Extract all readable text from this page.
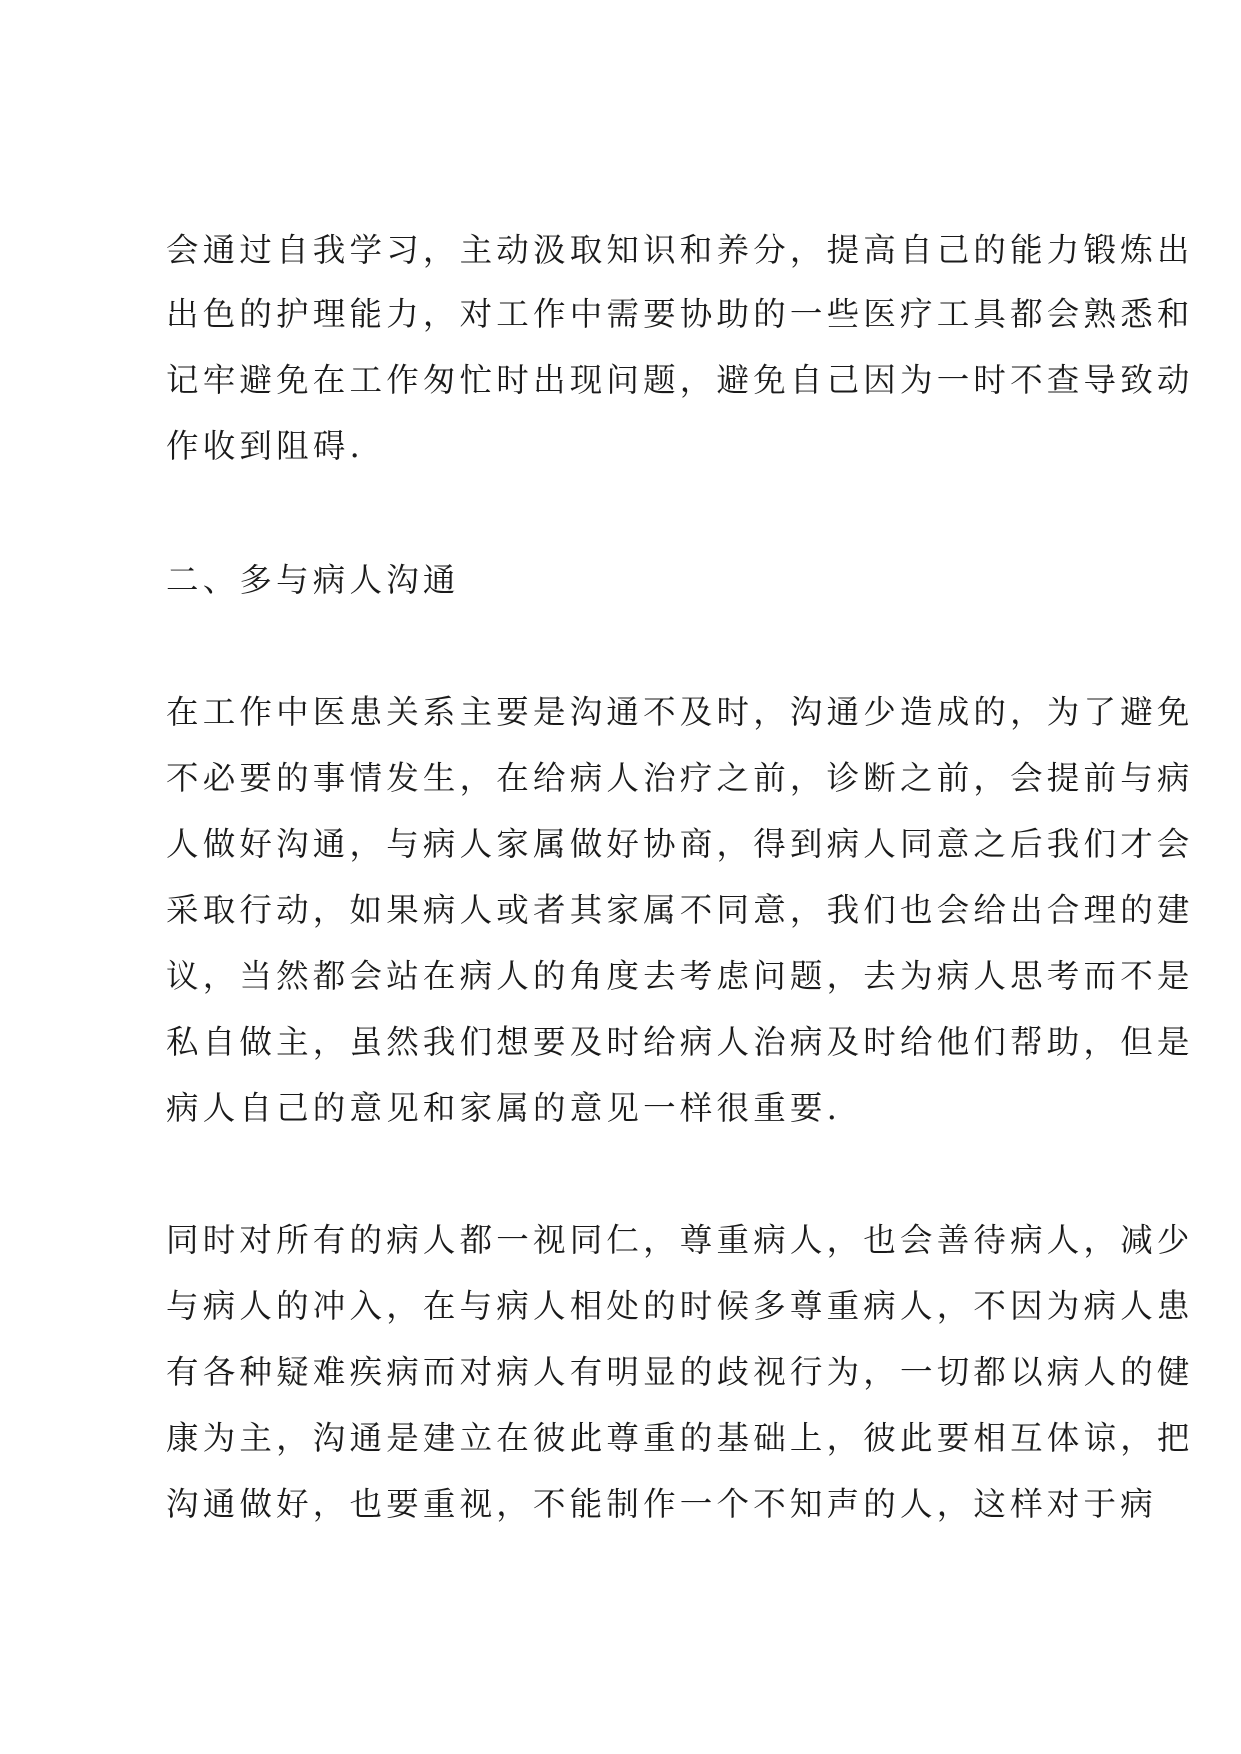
会通过自我学习，主动汲取知识和养分，提高自己的能力锻炼出
出色的护理能力，对工作中需要协助的一些医疗工具都会熟悉和
记牢避免在工作匆忙时出现问题，避免自己因为一时不查导致动
作收到阻碍.
二、多与病人沟通
在工作中医患关系主要是沟通不及时，沟通少造成的，为了避免
不必要的事情发生，在给病人治疗之前，诊断之前，会提前与病
人做好沟通，与病人家属做好协商，得到病人同意之后我们才会
采取行动，如果病人或者其家属不同意，我们也会给出合理的建
议，当然都会站在病人的角度去考虑问题，去为病人思考而不是
私自做主，虽然我们想要及时给病人治病及时给他们帮助，但是
病人自己的意见和家属的意见一样很重要.
同时对所有的病人都一视同仁，尊重病人，也会善待病人，减少
与病人的冲入，在与病人相处的时候多尊重病人，不因为病人患
有各种疑难疾病而对病人有明显的歧视行为，一切都以病人的健
康为主，沟通是建立在彼此尊重的基础上，彼此要相互体谅，把
沟通做好，也要重视，不能制作一个不知声的人，这样对于病
